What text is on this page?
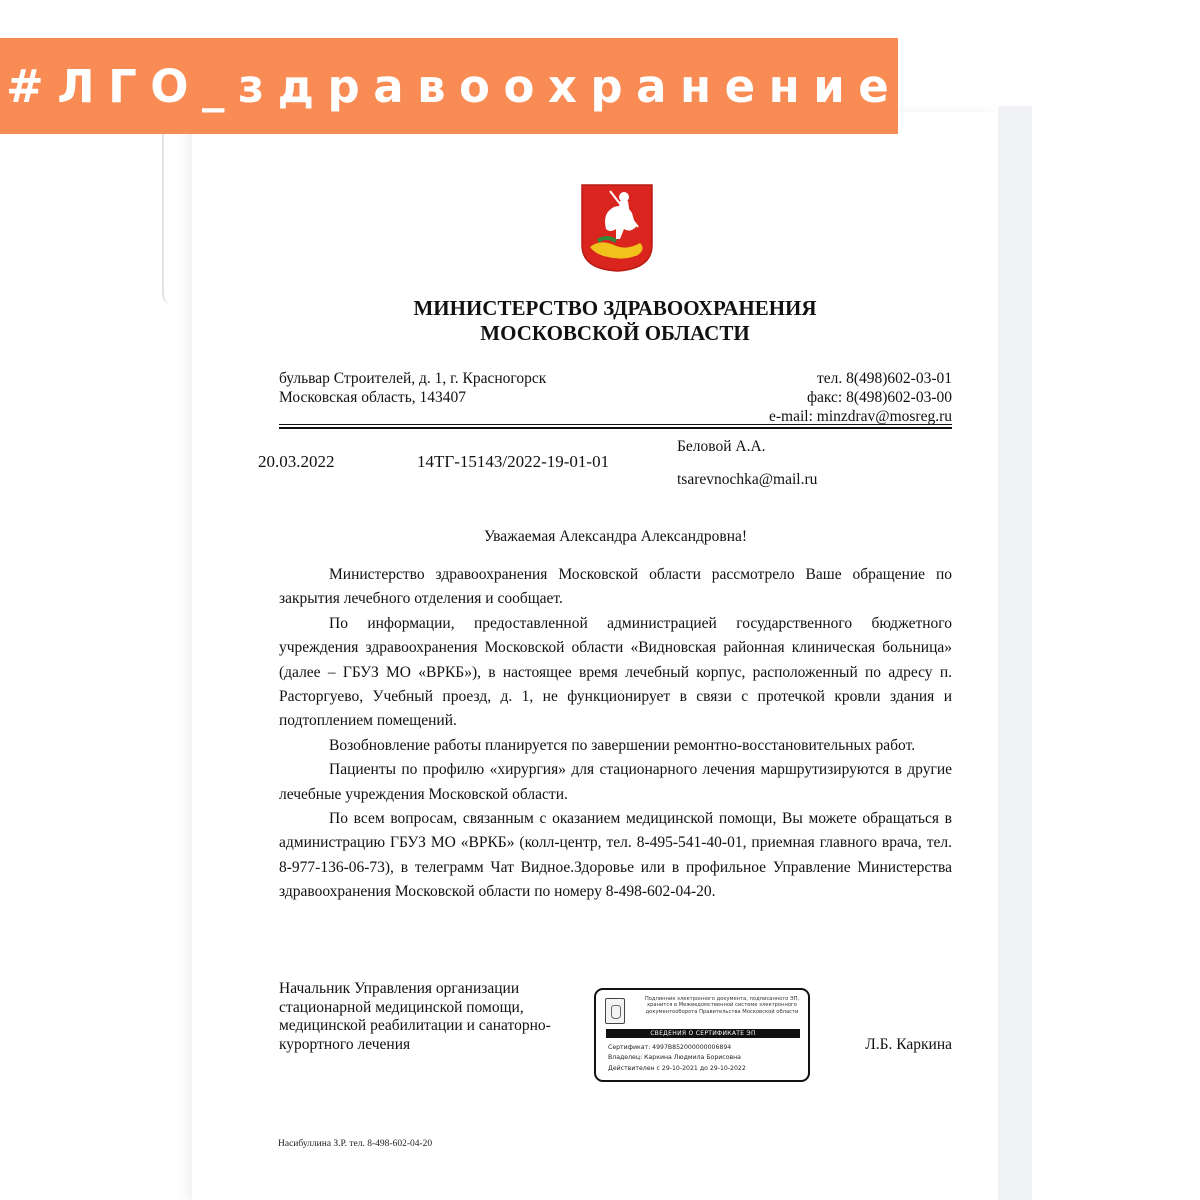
#ЛГО_здравоохранение
МИНИСТЕРСТВО ЗДРАВООХРАНЕНИЯ
МОСКОВСКОЙ ОБЛАСТИ
бульвар Строителей, д. 1, г. Красногорск
Московская область, 143407
тел. 8(498)602-03-01
факс: 8(498)602-03-00
e-mail: minzdrav@mosreg.ru
20.03.2022	14ТГ-15143/2022-19-01-01
Беловой А.А.
tsarevnochka@mail.ru
Уважаемая Александра Александровна!

Министерство здравоохранения Московской области рассмотрело Ваше обращение по закрытия лечебного отделения и сообщает.

По информации, предоставленной администрацией государственного бюджетного учреждения здравоохранения Московской области «Видновская районная клиническая больница» (далее – ГБУЗ МО «ВРКБ»), в настоящее время лечебный корпус, расположенный по адресу п. Расторгуево, Учебный проезд, д. 1, не функционирует в связи с протечкой кровли здания и подтоплением помещений.

Возобновление работы планируется по завершении ремонтно-восстановительных работ.

Пациенты по профилю «хирургия» для стационарного лечения маршрутизируются в другие лечебные учреждения Московской области.

По всем вопросам, связанным с оказанием медицинской помощи, Вы можете обращаться в администрацию ГБУЗ МО «ВРКБ» (колл-центр, тел. 8-495-541-40-01, приемная главного врача, тел. 8-977-136-06-73), в телеграмм Чат Видное.Здоровье или в профильное Управление Министерства здравоохранения Московской области по номеру 8-498-602-04-20.

Начальник Управления организации
стационарной медицинской помощи,
медицинской реабилитации и санаторно-
курортного лечения
Подлинник электронного документа, подписанного ЭП,
хранится в Межведомственной системе электронного
документооборота Правительства Московской области
СВЕДЕНИЯ О СЕРТИФИКАТЕ ЭП
Сертификат: 4997B852000000006894
Владелец: Каркина Людмила Борисовна
Действителен с 29-10-2021 до 29-10-2022
Л.Б. Каркина
Насибуллина З.Р. тел. 8-498-602-04-20
